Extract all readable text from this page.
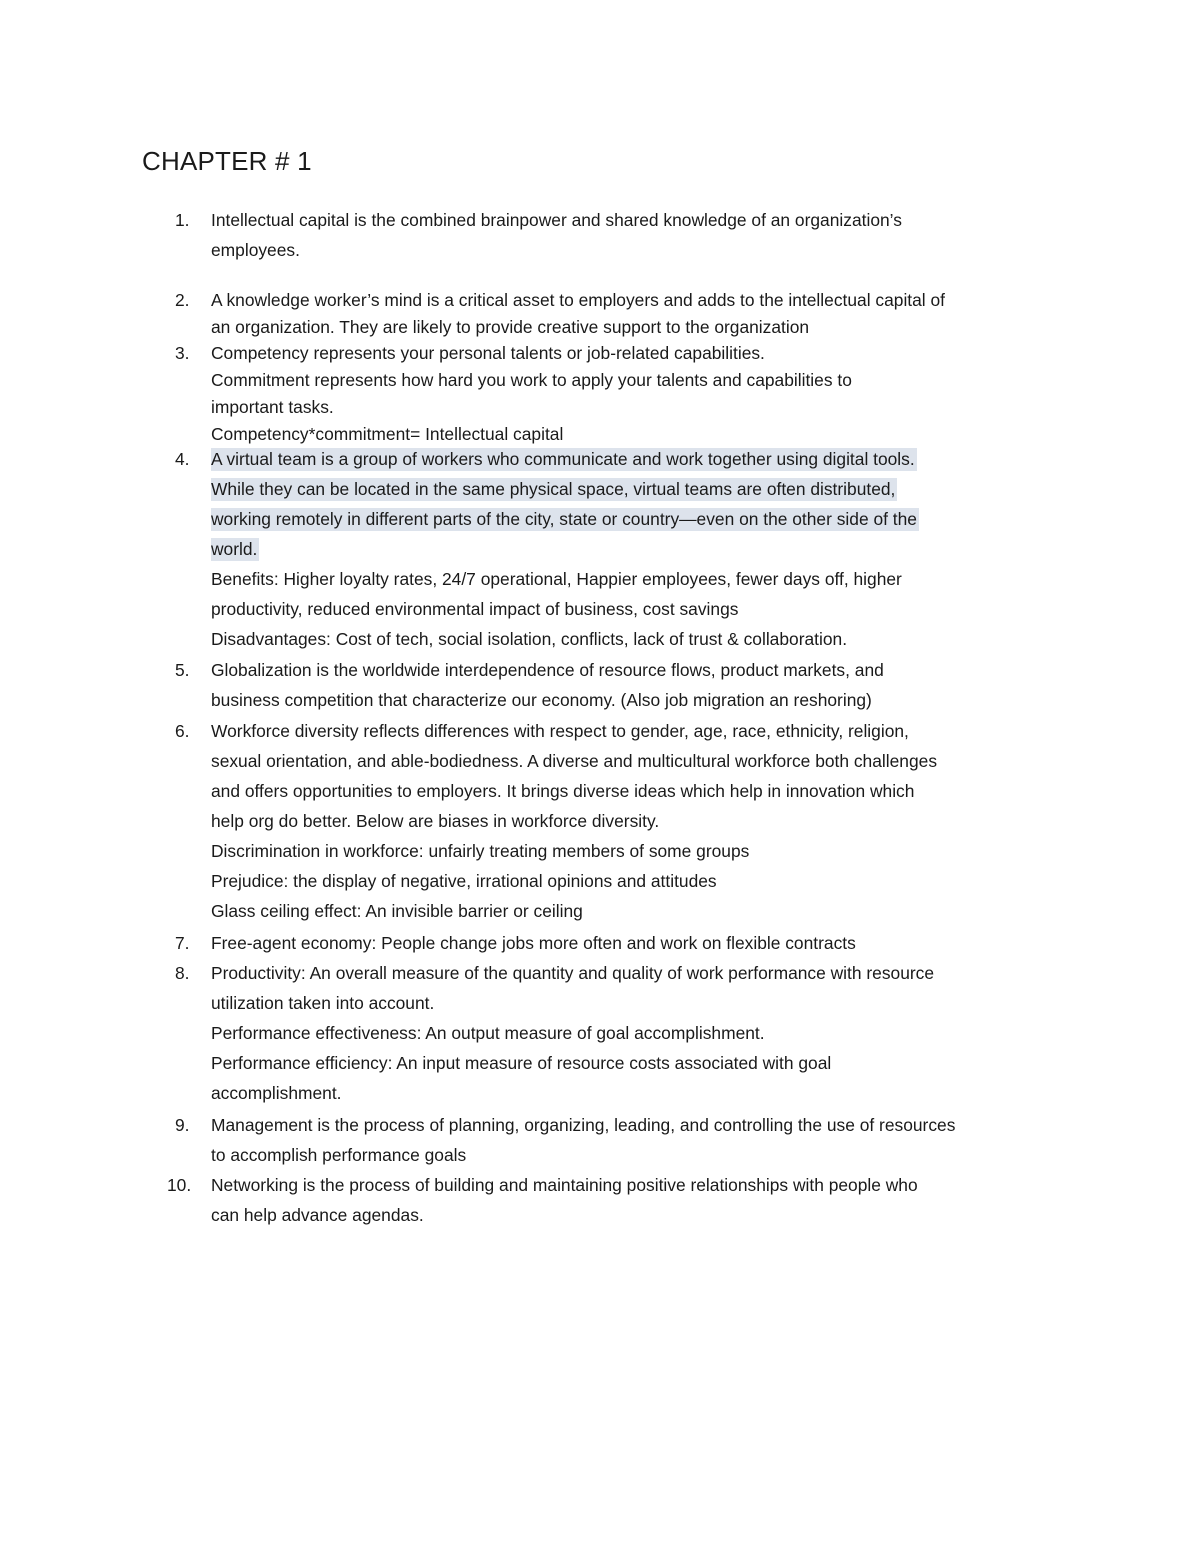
CHAPTER # 1
1.	Intellectual capital is the combined brainpower and shared knowledge of an organization’s
employees.
2.	A knowledge worker’s mind is a critical asset to employers and adds to the intellectual capital of
an organization. They are likely to provide creative support to the organization
3.	Competency represents your personal talents or job-related capabilities.
Commitment represents how hard you work to apply your talents and capabilities to
important tasks.
Competency*commitment= Intellectual capital
4.	A virtual team is a group of workers who communicate and work together using digital tools.
While they can be located in the same physical space, virtual teams are often distributed,
working remotely in different parts of the city, state or country—even on the other side of the
world.
Benefits: Higher loyalty rates, 24/7 operational, Happier employees, fewer days off, higher
productivity, reduced environmental impact of business, cost savings
Disadvantages: Cost of tech, social isolation, conflicts, lack of trust & collaboration.
5.	Globalization is the worldwide interdependence of resource flows, product markets, and
business competition that characterize our economy. (Also job migration an reshoring)
6.	Workforce diversity reflects differences with respect to gender, age, race, ethnicity, religion,
sexual orientation, and able-bodiedness. A diverse and multicultural workforce both challenges
and offers opportunities to employers. It brings diverse ideas which help in innovation which
help org do better. Below are biases in workforce diversity.
Discrimination in workforce: unfairly treating members of some groups
Prejudice: the display of negative, irrational opinions and attitudes
Glass ceiling effect: An invisible barrier or ceiling
7.	Free-agent economy: People change jobs more often and work on flexible contracts
8.	Productivity: An overall measure of the quantity and quality of work performance with resource
utilization taken into account.
Performance effectiveness: An output measure of goal accomplishment.
Performance efficiency: An input measure of resource costs associated with goal
accomplishment.
9.	Management is the process of planning, organizing, leading, and controlling the use of resources
to accomplish performance goals
10.	Networking is the process of building and maintaining positive relationships with people who
can help advance agendas.
